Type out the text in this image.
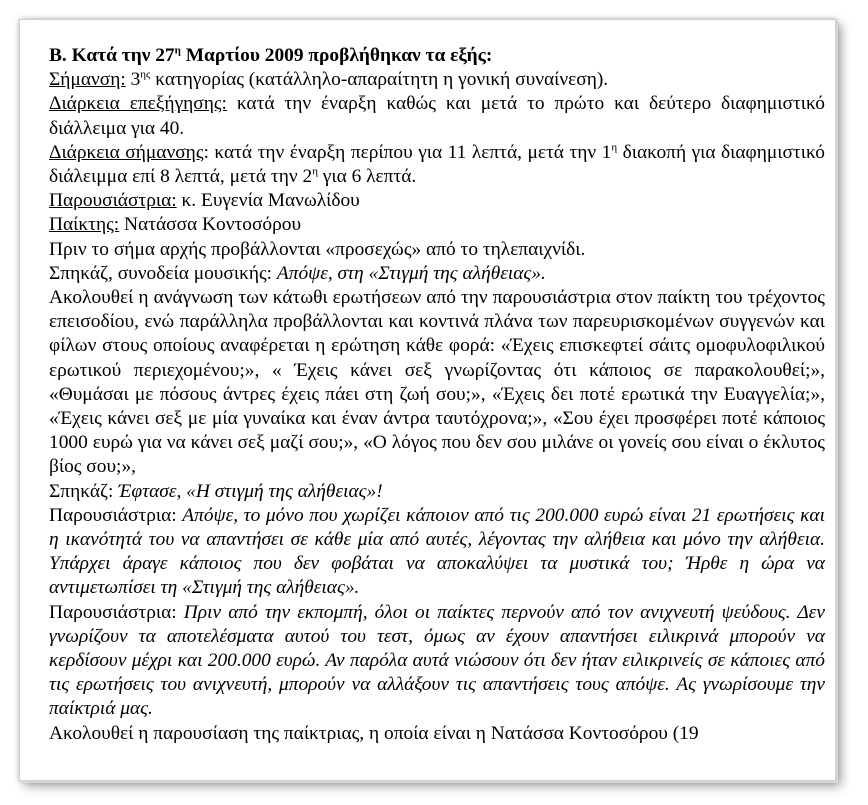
Β. Κατά την $27^\eta$ Μαρτίου 2009 προβλήθηκαν τα εξής:

Σήμανση: $3^{\eta\varsigma}$ κατηγορίας (κατάλληλο-απαραίτητη η γονική συναίνεση).

Διάρκεια επεξήγησης: κατά την έναρξη καθώς και μετά το πρώτο και δεύτερο διαφημιστικό διάλλειμα για 40.

Διάρκεια σήμανσης: κατά την έναρξη περίπου για 11 λεπτά, μετά την $1^\eta$ διακοπή για διαφημιστικό διάλειμμα επί 8 λεπτά, μετά την $2^\eta$ για 6 λεπτά.

Παρουσιάστρια: κ. Ευγενία Μανωλίδου

Παίκτης: Νατάσσα Κοντοσόρου

Πριν το σήμα αρχής προβάλλονται «προσεχώς» από το τηλεπαιχνίδι.

Σπηκάζ, συνοδεία μουσικής: Απόψε, στη «Στιγμή της αλήθειας».

Ακολουθεί η ανάγνωση των κάτωθι ερωτήσεων από την παρουσιάστρια στον παίκτη του τρέχοντος επεισοδίου, ενώ παράλληλα προβάλλονται και κοντινά πλάνα των παρευρισκομένων συγγενών και φίλων στους οποίους αναφέρεται η ερώτηση κάθε φορά: «Έχεις επισκεφτεί σάιτς ομοφυλοφιλικού ερωτικού περιεχομένου;», « Έχεις κάνει σεξ γνωρίζοντας ότι κάποιος σε παρακολουθεί;», «Θυμάσαι με πόσους άντρες έχεις πάει στη ζωή σου;», «Έχεις δει ποτέ ερωτικά την Ευαγγελία;», «Έχεις κάνει σεξ με μία γυναίκα και έναν άντρα ταυτόχρονα;», «Σου έχει προσφέρει ποτέ κάποιος 1000 ευρώ για να κάνει σεξ μαζί σου;», «Ο λόγος που δεν σου μιλάνε οι γονείς σου είναι ο έκλυτος βίος σου;»,

Σπηκάζ: Έφτασε, «Η στιγμή της αλήθειας»!

Παρουσιάστρια: Απόψε, το μόνο που χωρίζει κάποιον από τις 200.000 ευρώ είναι 21 ερωτήσεις και η ικανότητά του να απαντήσει σε κάθε μία από αυτές, λέγοντας την αλήθεια και μόνο την αλήθεια. Υπάρχει άραγε κάποιος που δεν φοβάται να αποκαλύψει τα μυστικά του; Ήρθε η ώρα να αντιμετωπίσει τη «Στιγμή της αλήθειας».

Παρουσιάστρια: Πριν από την εκπομπή, όλοι οι παίκτες περνούν από τον ανιχνευτή ψεύδους. Δεν γνωρίζουν τα αποτελέσματα αυτού του τεστ, όμως αν έχουν απαντήσει ειλικρινά μπορούν να κερδίσουν μέχρι και 200.000 ευρώ. Αν παρόλα αυτά νιώσουν ότι δεν ήταν ειλικρινείς σε κάποιες από τις ερωτήσεις του ανιχνευτή, μπορούν να αλλάξουν τις απαντήσεις τους απόψε. Ας γνωρίσουμε την παίκτριά μας.

Ακολουθεί η παρουσίαση της παίκτριας, η οποία είναι η Νατάσσα Κοντοσόρου (19
